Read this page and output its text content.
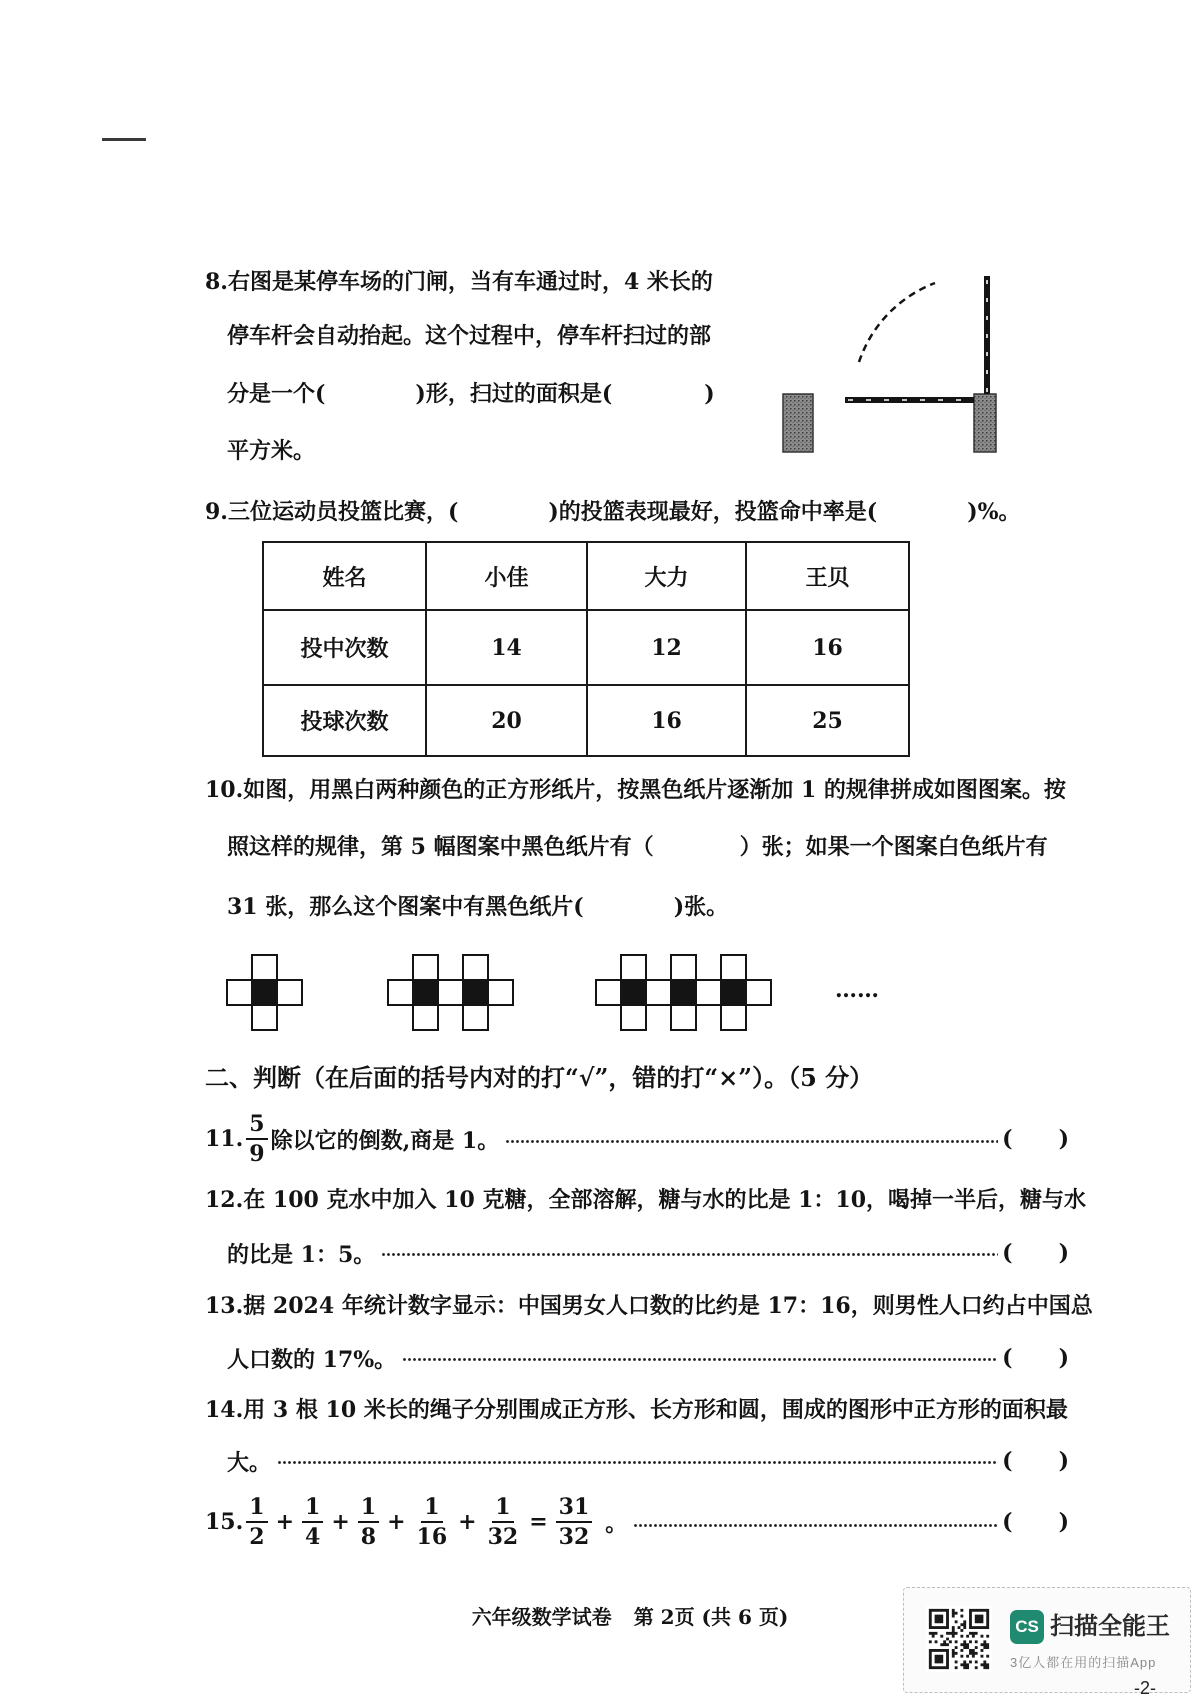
8.右图是某停车场的门闸，当有车通过时，4 米长的
停车杆会自动抬起。这个过程中，停车杆扫过的部
分是一个(	)形，扫过的面积是(	)
平方米。
9.三位运动员投篮比赛，(	)的投篮表现最好，投篮命中率是(	)%。
姓名	小佳	大力	王贝
投中次数	14	12	16
投球次数	20	16	25
10.如图，用黑白两种颜色的正方形纸片，按黑色纸片逐渐加 1 的规律拼成如图图案。按
照这样的规律，第 5 幅图案中黑色纸片有（	）张；如果一个图案白色纸片有
31 张，那么这个图案中有黑色纸片(	)张。
……
二、判断（在后面的括号内对的打“√”，错的打“×”）。（5 分）
11. $\frac{5}{9}$ 除以它的倒数,商是 1。	( )
12.在 100 克水中加入 10 克糖，全部溶解，糖与水的比是 1：10，喝掉一半后，糖与水
的比是 1：5。	( )
13.据 2024 年统计数字显示：中国男女人口数的比约是 17：16，则男性人口约占中国总
人口数的 17%。	( )
14.用 3 根 10 米长的绳子分别围成正方形、长方形和圆，围成的图形中正方形的面积最
大。	( )
15. $\frac{1}{2} + \frac{1}{4} + \frac{1}{8} + \frac{1}{16} + \frac{1}{32} = \frac{31}{32}$ 。	( )
六年级数学试卷 第 2页 (共 6 页)	CS 扫描全能王
3亿人都在用的扫描App
-2-
